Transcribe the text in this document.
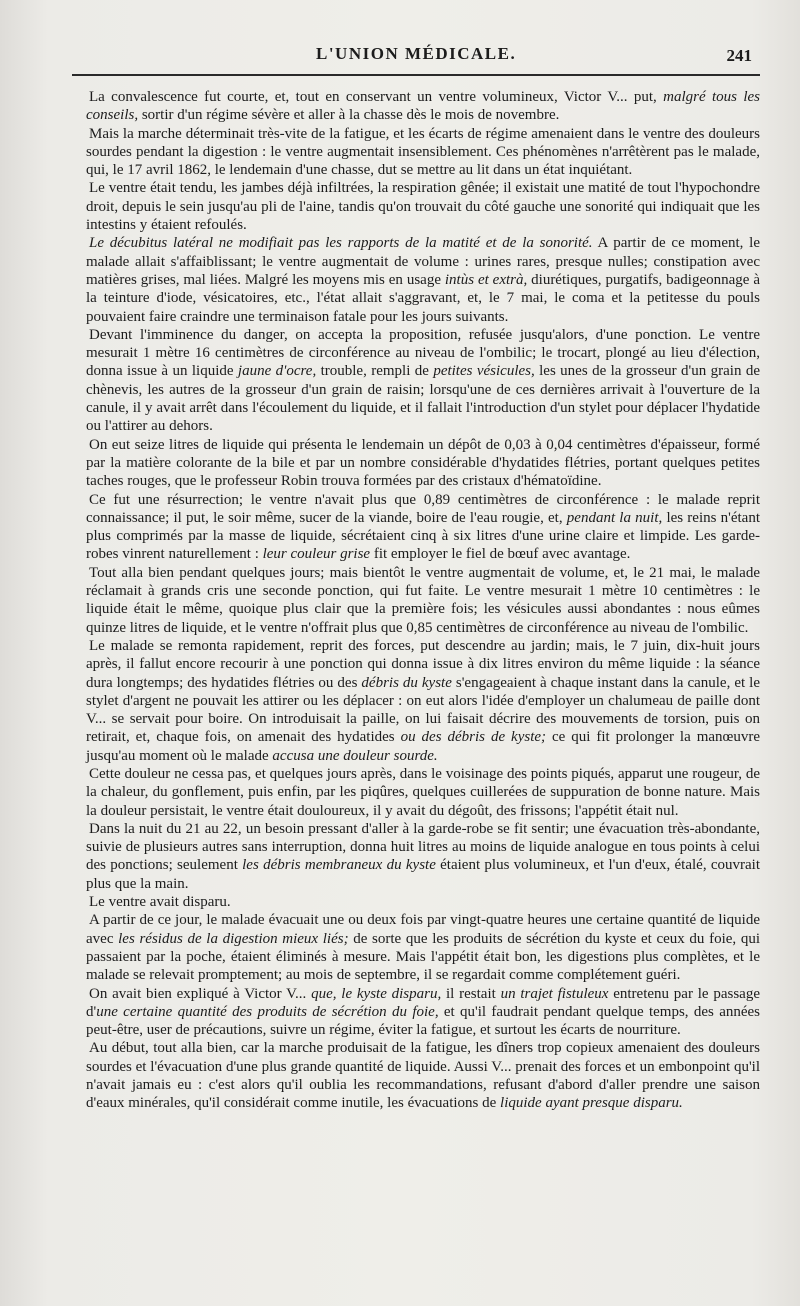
L'UNION MÉDICALE.	241

La convalescence fut courte, et, tout en conservant un ventre volumineux, Victor V... put, malgré tous les conseils, sortir d'un régime sévère et aller à la chasse dès le mois de novembre.

Mais la marche déterminait très-vite de la fatigue, et les écarts de régime amenaient dans le ventre des douleurs sourdes pendant la digestion : le ventre augmentait insensiblement. Ces phénomènes n'arrêtèrent pas le malade, qui, le 17 avril 1862, le lendemain d'une chasse, dut se mettre au lit dans un état inquiétant.

Le ventre était tendu, les jambes déjà infiltrées, la respiration gênée; il existait une matité de tout l'hypochondre droit, depuis le sein jusqu'au pli de l'aine, tandis qu'on trouvait du côté gauche une sonorité qui indiquait que les intestins y étaient refoulés.

Le décubitus latéral ne modifiait pas les rapports de la matité et de la sonorité. A partir de ce moment, le malade allait s'affaiblissant; le ventre augmentait de volume : urines rares, presque nulles; constipation avec matières grises, mal liées. Malgré les moyens mis en usage intùs et extrà, diurétiques, purgatifs, badigeonnage à la teinture d'iode, vésicatoires, etc., l'état allait s'aggravant, et, le 7 mai, le coma et la petitesse du pouls pouvaient faire craindre une terminaison fatale pour les jours suivants.

Devant l'imminence du danger, on accepta la proposition, refusée jusqu'alors, d'une ponction. Le ventre mesurait 1 mètre 16 centimètres de circonférence au niveau de l'ombilic; le trocart, plongé au lieu d'élection, donna issue à un liquide jaune d'ocre, trouble, rempli de petites vésicules, les unes de la grosseur d'un grain de chènevis, les autres de la grosseur d'un grain de raisin; lorsqu'une de ces dernières arrivait à l'ouverture de la canule, il y avait arrêt dans l'écoulement du liquide, et il fallait l'introduction d'un stylet pour déplacer l'hydatide ou l'attirer au dehors.

On eut seize litres de liquide qui présenta le lendemain un dépôt de 0,03 à 0,04 centimètres d'épaisseur, formé par la matière colorante de la bile et par un nombre considérable d'hydatides flétries, portant quelques petites taches rouges, que le professeur Robin trouva formées par des cristaux d'hématoïdine.

Ce fut une résurrection; le ventre n'avait plus que 0,89 centimètres de circonférence : le malade reprit connaissance; il put, le soir même, sucer de la viande, boire de l'eau rougie, et, pendant la nuit, les reins n'étant plus comprimés par la masse de liquide, sécrétaient cinq à six litres d'une urine claire et limpide. Les garde-robes vinrent naturellement : leur couleur grise fit employer le fiel de bœuf avec avantage.

Tout alla bien pendant quelques jours; mais bientôt le ventre augmentait de volume, et, le 21 mai, le malade réclamait à grands cris une seconde ponction, qui fut faite. Le ventre mesurait 1 mètre 10 centimètres : le liquide était le même, quoique plus clair que la première fois; les vésicules aussi abondantes : nous eûmes quinze litres de liquide, et le ventre n'offrait plus que 0,85 centimètres de circonférence au niveau de l'ombilic.

Le malade se remonta rapidement, reprit des forces, put descendre au jardin; mais, le 7 juin, dix-huit jours après, il fallut encore recourir à une ponction qui donna issue à dix litres environ du même liquide : la séance dura longtemps; des hydatides flétries ou des débris du kyste s'engageaient à chaque instant dans la canule, et le stylet d'argent ne pouvait les attirer ou les déplacer : on eut alors l'idée d'employer un chalumeau de paille dont V... se servait pour boire. On introduisait la paille, on lui faisait décrire des mouvements de torsion, puis on retirait, et, chaque fois, on amenait des hydatides ou des débris de kyste; ce qui fit prolonger la manœuvre jusqu'au moment où le malade accusa une douleur sourde.

Cette douleur ne cessa pas, et quelques jours après, dans le voisinage des points piqués, apparut une rougeur, de la chaleur, du gonflement, puis enfin, par les piqûres, quelques cuillerées de suppuration de bonne nature. Mais la douleur persistait, le ventre était douloureux, il y avait du dégoût, des frissons; l'appétit était nul.

Dans la nuit du 21 au 22, un besoin pressant d'aller à la garde-robe se fit sentir; une évacuation très-abondante, suivie de plusieurs autres sans interruption, donna huit litres au moins de liquide analogue en tous points à celui des ponctions; seulement les débris membraneux du kyste étaient plus volumineux, et l'un d'eux, étalé, couvrait plus que la main.

Le ventre avait disparu.

A partir de ce jour, le malade évacuait une ou deux fois par vingt-quatre heures une certaine quantité de liquide avec les résidus de la digestion mieux liés; de sorte que les produits de sécrétion du kyste et ceux du foie, qui passaient par la poche, étaient éliminés à mesure. Mais l'appétit était bon, les digestions plus complètes, et le malade se relevait promptement; au mois de septembre, il se regardait comme complétement guéri.

On avait bien expliqué à Victor V... que, le kyste disparu, il restait un trajet fistuleux entretenu par le passage d'une certaine quantité des produits de sécrétion du foie, et qu'il faudrait pendant quelque temps, des années peut-être, user de précautions, suivre un régime, éviter la fatigue, et surtout les écarts de nourriture.

Au début, tout alla bien, car la marche produisait de la fatigue, les dîners trop copieux amenaient des douleurs sourdes et l'évacuation d'une plus grande quantité de liquide. Aussi V... prenait des forces et un embonpoint qu'il n'avait jamais eu : c'est alors qu'il oublia les recommandations, refusant d'abord d'aller prendre une saison d'eaux minérales, qu'il considérait comme inutile, les évacuations de liquide ayant presque disparu.
